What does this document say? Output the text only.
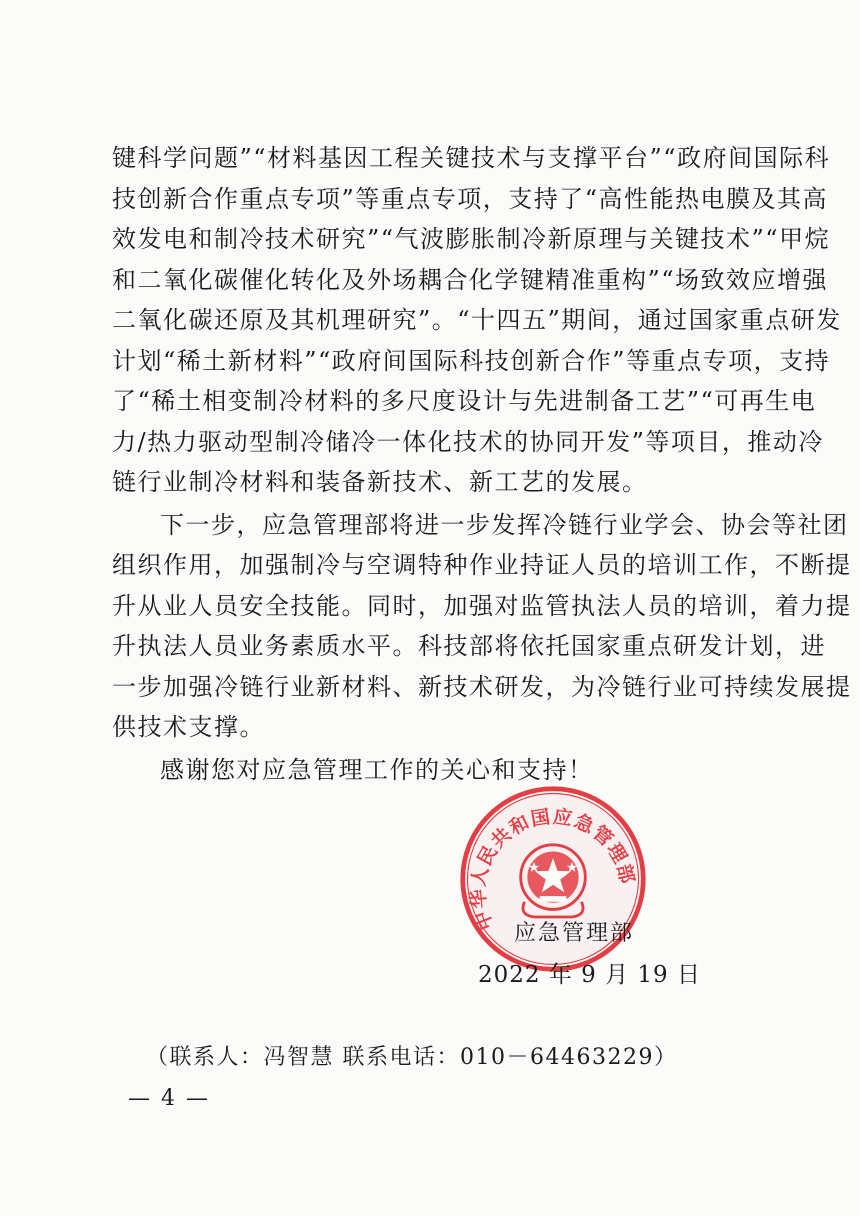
键科学问题”“材料基因工程关键技术与支撑平台”“政府间国际科
技创新合作重点专项”等重点专项，支持了“高性能热电膜及其高
效发电和制冷技术研究”“气波膨胀制冷新原理与关键技术”“甲烷
和二氧化碳催化转化及外场耦合化学键精准重构”“场致效应增强
二氧化碳还原及其机理研究”。“十四五”期间，通过国家重点研发
计划“稀土新材料”“政府间国际科技创新合作”等重点专项，支持
了“稀土相变制冷材料的多尺度设计与先进制备工艺”“可再生电
力/热力驱动型制冷储冷一体化技术的协同开发”等项目，推动冷
链行业制冷材料和装备新技术、新工艺的发展。
下一步，应急管理部将进一步发挥冷链行业学会、协会等社团
组织作用，加强制冷与空调特种作业持证人员的培训工作，不断提
升从业人员安全技能。同时，加强对监管执法人员的培训，着力提
升执法人员业务素质水平。科技部将依托国家重点研发计划，进
一步加强冷链行业新材料、新技术研发，为冷链行业可持续发展提
供技术支撑。
感谢您对应急管理工作的关心和支持！
中华人民共和国应急管理部
应急管理部
2022 年 9 月 19 日
（联系人：冯智慧 联系电话：010－64463229）
— 4 —
